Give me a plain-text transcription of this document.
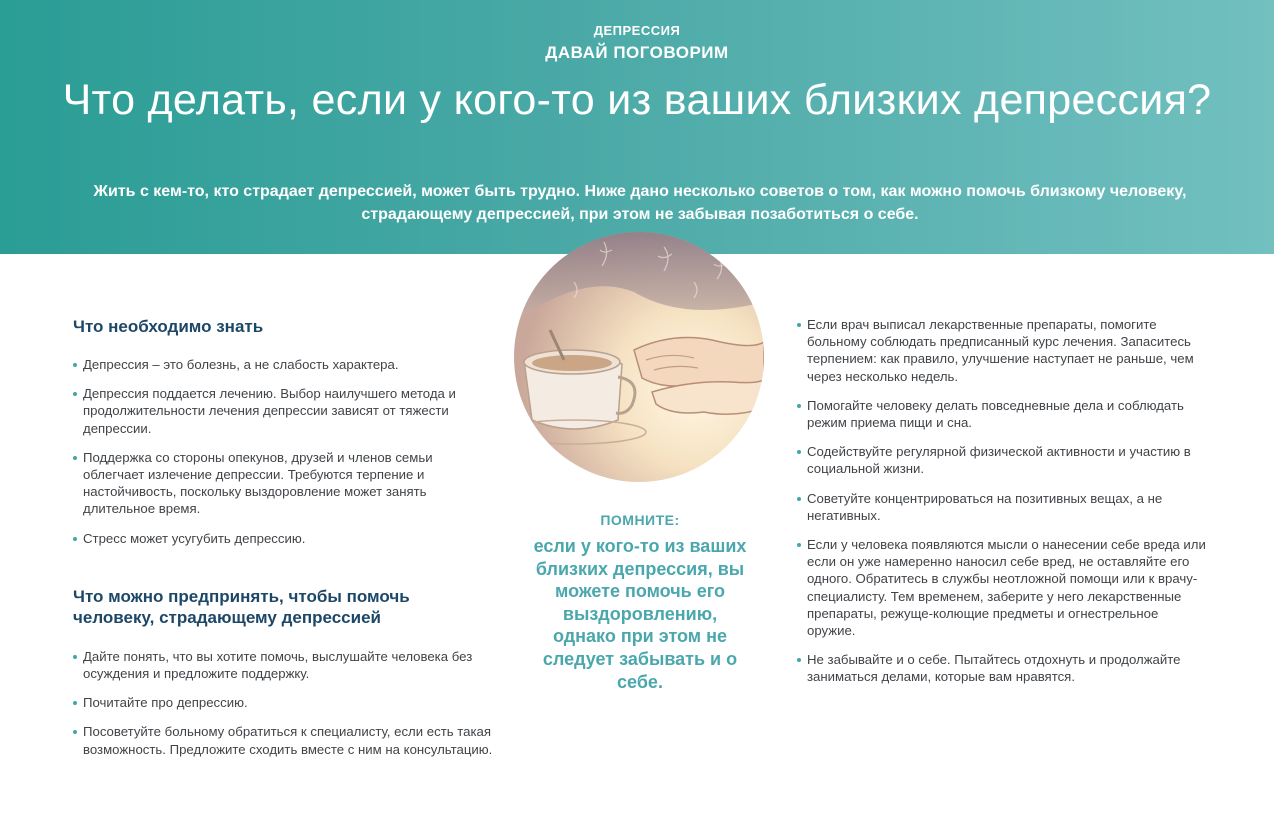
ДЕПРЕССИЯ
ДАВАЙ ПОГОВОРИМ
Что делать, если у кого-то из ваших близких депрессия?

Жить с кем-то, кто страдает депрессией, может быть трудно. Ниже дано несколько советов о том, как можно помочь близкому человеку, страдающему депрессией, при этом не забывая позаботиться о себе.

Что необходимо знать
Депрессия – это болезнь, а не слабость характера.
Депрессия поддается лечению. Выбор наилучшего метода и продолжительности лечения депрессии зависят от тяжести депрессии.
Поддержка со стороны опекунов, друзей и членов семьи облегчает излечение депрессии. Требуются терпение и настойчивость, поскольку выздоровление может занять длительное время.
Стресс может усугубить депрессию.
Что можно предпринять, чтобы помочь человеку, страдающему депрессией
Дайте понять, что вы хотите помочь, выслушайте человека без осуждения и предложите поддержку.
Почитайте про депрессию.
Посоветуйте больному обратиться к специалисту, если есть такая возможность. Предложите сходить вместе с ним на консультацию.
ПОМНИТЕ:
если у кого-то из ваших близких депрессия, вы можете помочь его выздоровлению, однако при этом не следует забывать и о себе.
Если врач выписал лекарственные препараты, помогите больному соблюдать предписанный курс лечения. Запаситесь терпением: как правило, улучшение наступает не раньше, чем через несколько недель.
Помогайте человеку делать повседневные дела и соблюдать режим приема пищи и сна.
Содействуйте регулярной физической активности и участию в социальной жизни.
Советуйте концентрироваться на позитивных вещах, а не негативных.
Если у человека появляются мысли о нанесении себе вреда или если он уже намеренно наносил себе вред, не оставляйте его одного. Обратитесь в службы неотложной помощи или к врачу-специалисту. Тем временем, заберите у него лекарственные препараты, режуще-колющие предметы и огнестрельное оружие.
Не забывайте и о себе. Пытайтесь отдохнуть и продолжайте заниматься делами, которые вам нравятся.
